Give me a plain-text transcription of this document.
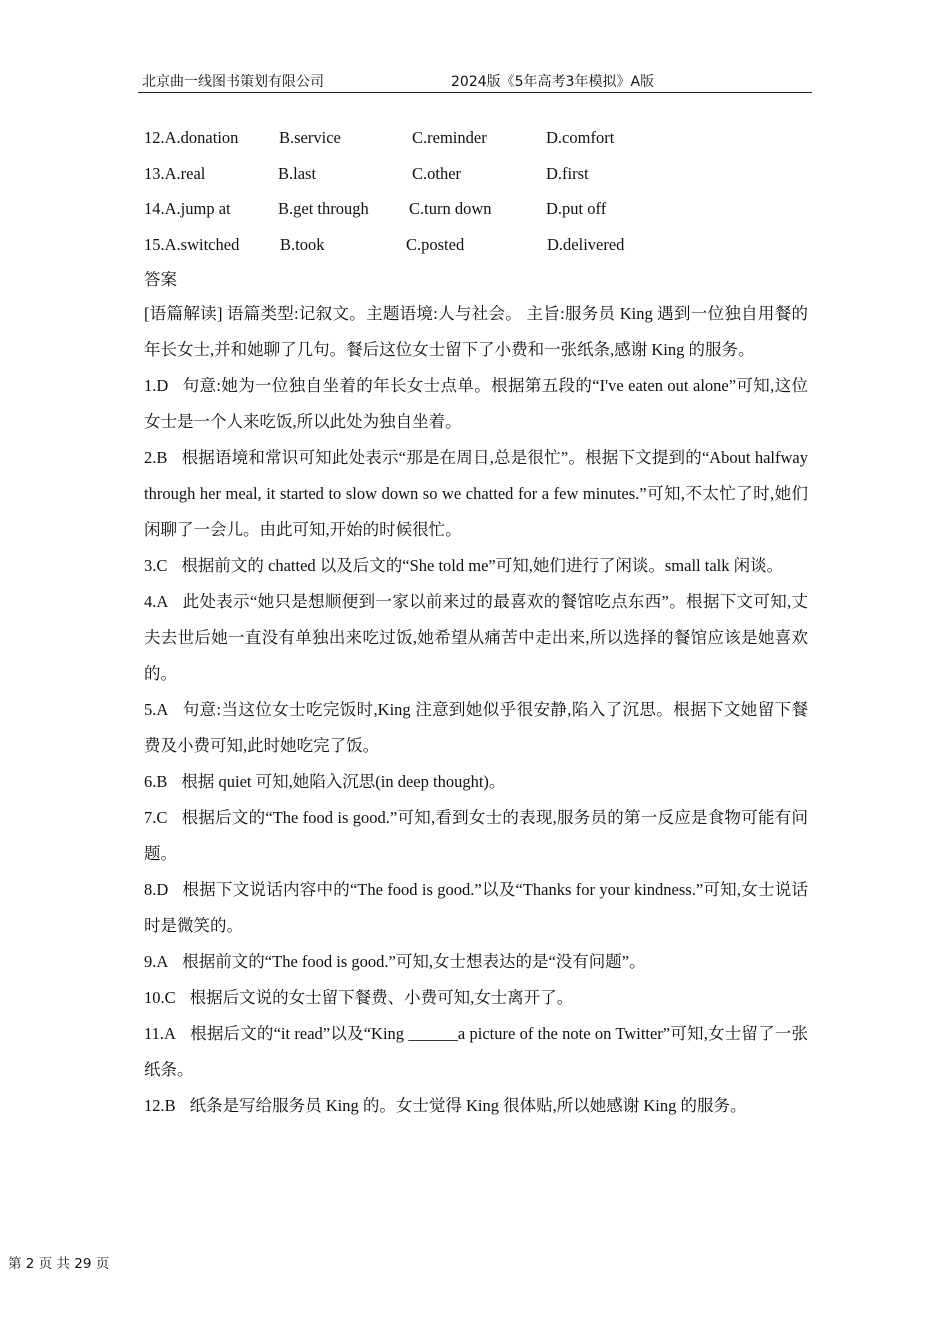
北京曲一线图书策划有限公司	2024版《5年高考3年模拟》A版
12.A.donation B.service	C.reminder	D.comfort
13.A.real	B.last	C.other	D.first
14.A.jump at	B.get through C.turn down	D.put off
15.A.switched B.took	C.posted	D.delivered
答案

[语篇解读] 语篇类型:记叙文。主题语境:人与社会。 主旨:服务员 King 遇到一位独自用餐的年长女士,并和她聊了几句。餐后这位女士留下了小费和一张纸条,感谢 King 的服务。

1.D 句意:她为一位独自坐着的年长女士点单。根据第五段的“I've eaten out alone”可知,这位女士是一个人来吃饭,所以此处为独自坐着。

2.B 根据语境和常识可知此处表示“那是在周日,总是很忙”。根据下文提到的“About halfway through her meal, it started to slow down so we chatted for a few minutes.”可知,不太忙了时,她们闲聊了一会儿。由此可知,开始的时候很忙。

3.C 根据前文的 chatted 以及后文的“She told me”可知,她们进行了闲谈。small talk 闲谈。

4.A 此处表示“她只是想顺便到一家以前来过的最喜欢的餐馆吃点东西”。根据下文可知,丈夫去世后她一直没有单独出来吃过饭,她希望从痛苦中走出来,所以选择的餐馆应该是她喜欢的。

5.A 句意:当这位女士吃完饭时,King 注意到她似乎很安静,陷入了沉思。根据下文她留下餐费及小费可知,此时她吃完了饭。

6.B 根据 quiet 可知,她陷入沉思(in deep thought)。

7.C 根据后文的“The food is good.”可知,看到女士的表现,服务员的第一反应是食物可能有问题。

8.D 根据下文说话内容中的“The food is good.”以及“Thanks for your kindness.”可知,女士说话时是微笑的。

9.A 根据前文的“The food is good.”可知,女士想表达的是“没有问题”。

10.C 根据后文说的女士留下餐费、小费可知,女士离开了。

11.A 根据后文的“it read”以及“King ______a picture of the note on Twitter”可知,女士留了一张纸条。

12.B 纸条是写给服务员 King 的。女士觉得 King 很体贴,所以她感谢 King 的服务。

第 2 页 共 29 页
